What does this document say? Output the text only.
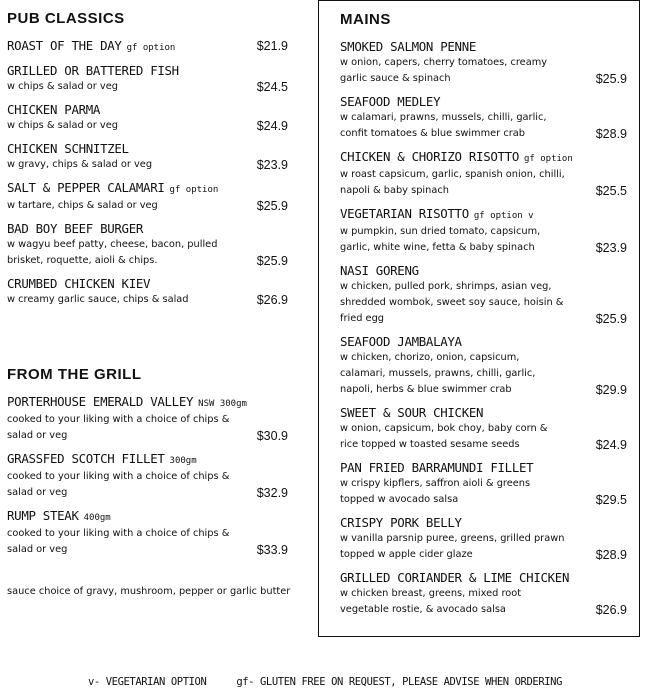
PUB CLASSICS
ROAST OF THE DAY gf option	$21.9
GRILLED OR BATTERED FISH
w chips & salad or veg	$24.5
CHICKEN PARMA
w chips & salad or veg	$24.9
CHICKEN SCHNITZEL
w gravy, chips & salad or veg	$23.9
SALT & PEPPER CALAMARI gf option
w tartare, chips & salad or veg	$25.9
BAD BOY BEEF BURGER
w wagyu beef patty, cheese, bacon, pulled brisket, roquette, aioli & chips.	$25.9
CRUMBED CHICKEN KIEV
w creamy garlic sauce, chips & salad	$26.9
FROM THE GRILL
PORTERHOUSE EMERALD VALLEY NSW 300gm
cooked to your liking with a choice of chips & salad or veg	$30.9
GRASSFED SCOTCH FILLET 300gm
cooked to your liking with a choice of chips & salad or veg	$32.9
RUMP STEAK 400gm
cooked to your liking with a choice of chips & salad or veg	$33.9
sauce choice of gravy, mushroom, pepper or garlic butter
MAINS
SMOKED SALMON PENNE
w onion, capers, cherry tomatoes, creamy garlic sauce & spinach	$25.9
SEAFOOD MEDLEY
w calamari, prawns, mussels, chilli, garlic, confit tomatoes & blue swimmer crab	$28.9
CHICKEN & CHORIZO RISOTTO gf option
w roast capsicum, garlic, spanish onion, chilli, napoli & baby spinach	$25.5
VEGETARIAN RISOTTO gf option v
w pumpkin, sun dried tomato, capsicum, garlic, white wine, fetta & baby spinach	$23.9
NASI GORENG
w chicken, pulled pork, shrimps, asian veg, shredded wombok, sweet soy sauce, hoisin & fried egg	$25.9
SEAFOOD JAMBALAYA
w chicken, chorizo, onion, capsicum, calamari, mussels, prawns, chilli, garlic, napoli, herbs & blue swimmer crab	$29.9
SWEET & SOUR CHICKEN
w onion, capsicum, bok choy, baby corn & rice topped w toasted sesame seeds	$24.9
PAN FRIED BARRAMUNDI FILLET
w crispy kipflers, saffron aioli & greens topped w avocado salsa	$29.5
CRISPY PORK BELLY
w vanilla parsnip puree, greens, grilled prawn topped w apple cider glaze	$28.9
GRILLED CORIANDER & LIME CHICKEN
w chicken breast, greens, mixed root vegetable rostie, & avocado salsa	$26.9
v- VEGETARIAN OPTION	gf- GLUTEN FREE ON REQUEST, PLEASE ADVISE WHEN ORDERING
